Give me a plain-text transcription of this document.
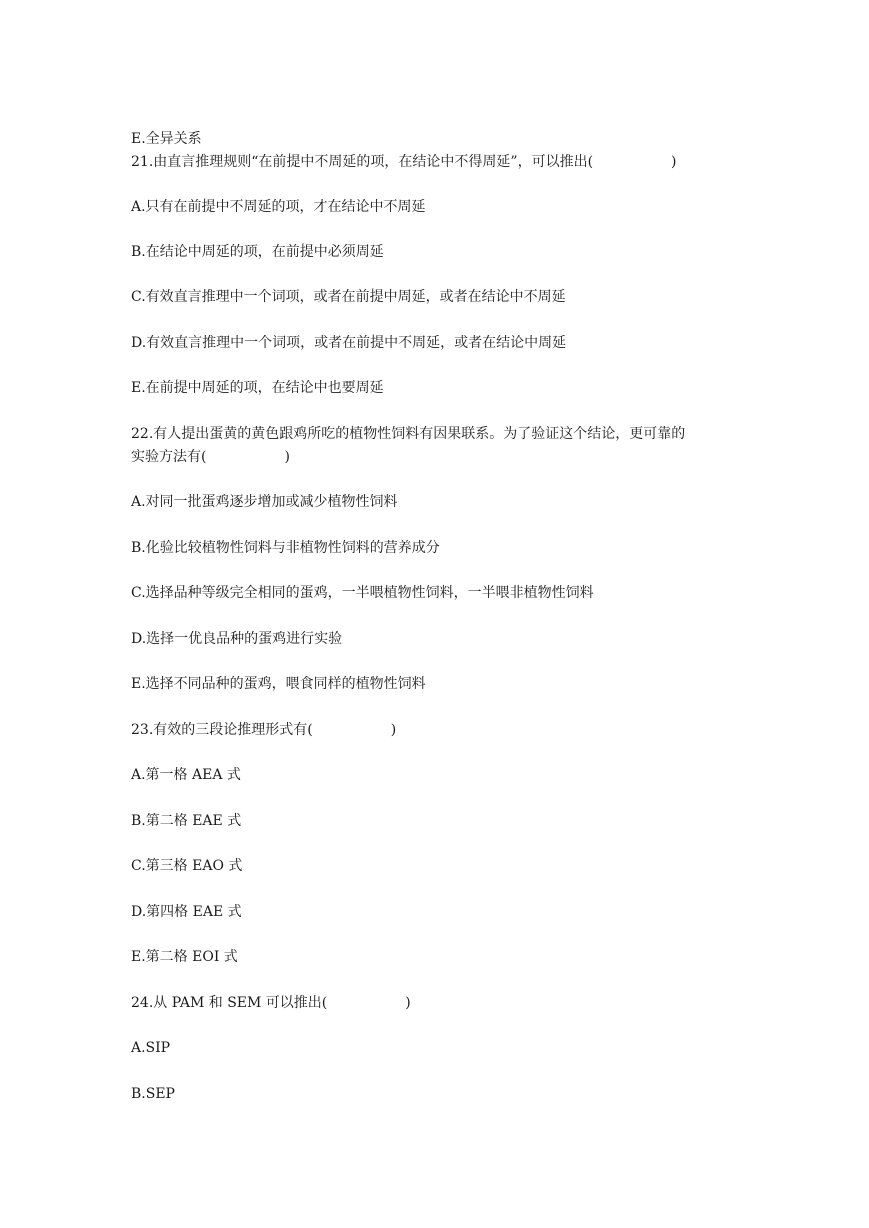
E.全异关系
21.由直言推理规则“在前提中不周延的项，在结论中不得周延”，可以推出(	)
A.只有在前提中不周延的项，才在结论中不周延
B.在结论中周延的项，在前提中必须周延
C.有效直言推理中一个词项，或者在前提中周延，或者在结论中不周延
D.有效直言推理中一个词项，或者在前提中不周延，或者在结论中周延
E.在前提中周延的项，在结论中也要周延
22.有人提出蛋黄的黄色跟鸡所吃的植物性饲料有因果联系。为了验证这个结论，更可靠的
实验方法有(	)
A.对同一批蛋鸡逐步增加或减少植物性饲料
B.化验比较植物性饲料与非植物性饲料的营养成分
C.选择品种等级完全相同的蛋鸡，一半喂植物性饲料，一半喂非植物性饲料
D.选择一优良品种的蛋鸡进行实验
E.选择不同品种的蛋鸡，喂食同样的植物性饲料
23.有效的三段论推理形式有(	)
A.第一格 AEA 式
B.第二格 EAE 式
C.第三格 EAO 式
D.第四格 EAE 式
E.第二格 EOI 式
24.从 PAM 和 SEM 可以推出(	)
A.SIP
B.SEP
